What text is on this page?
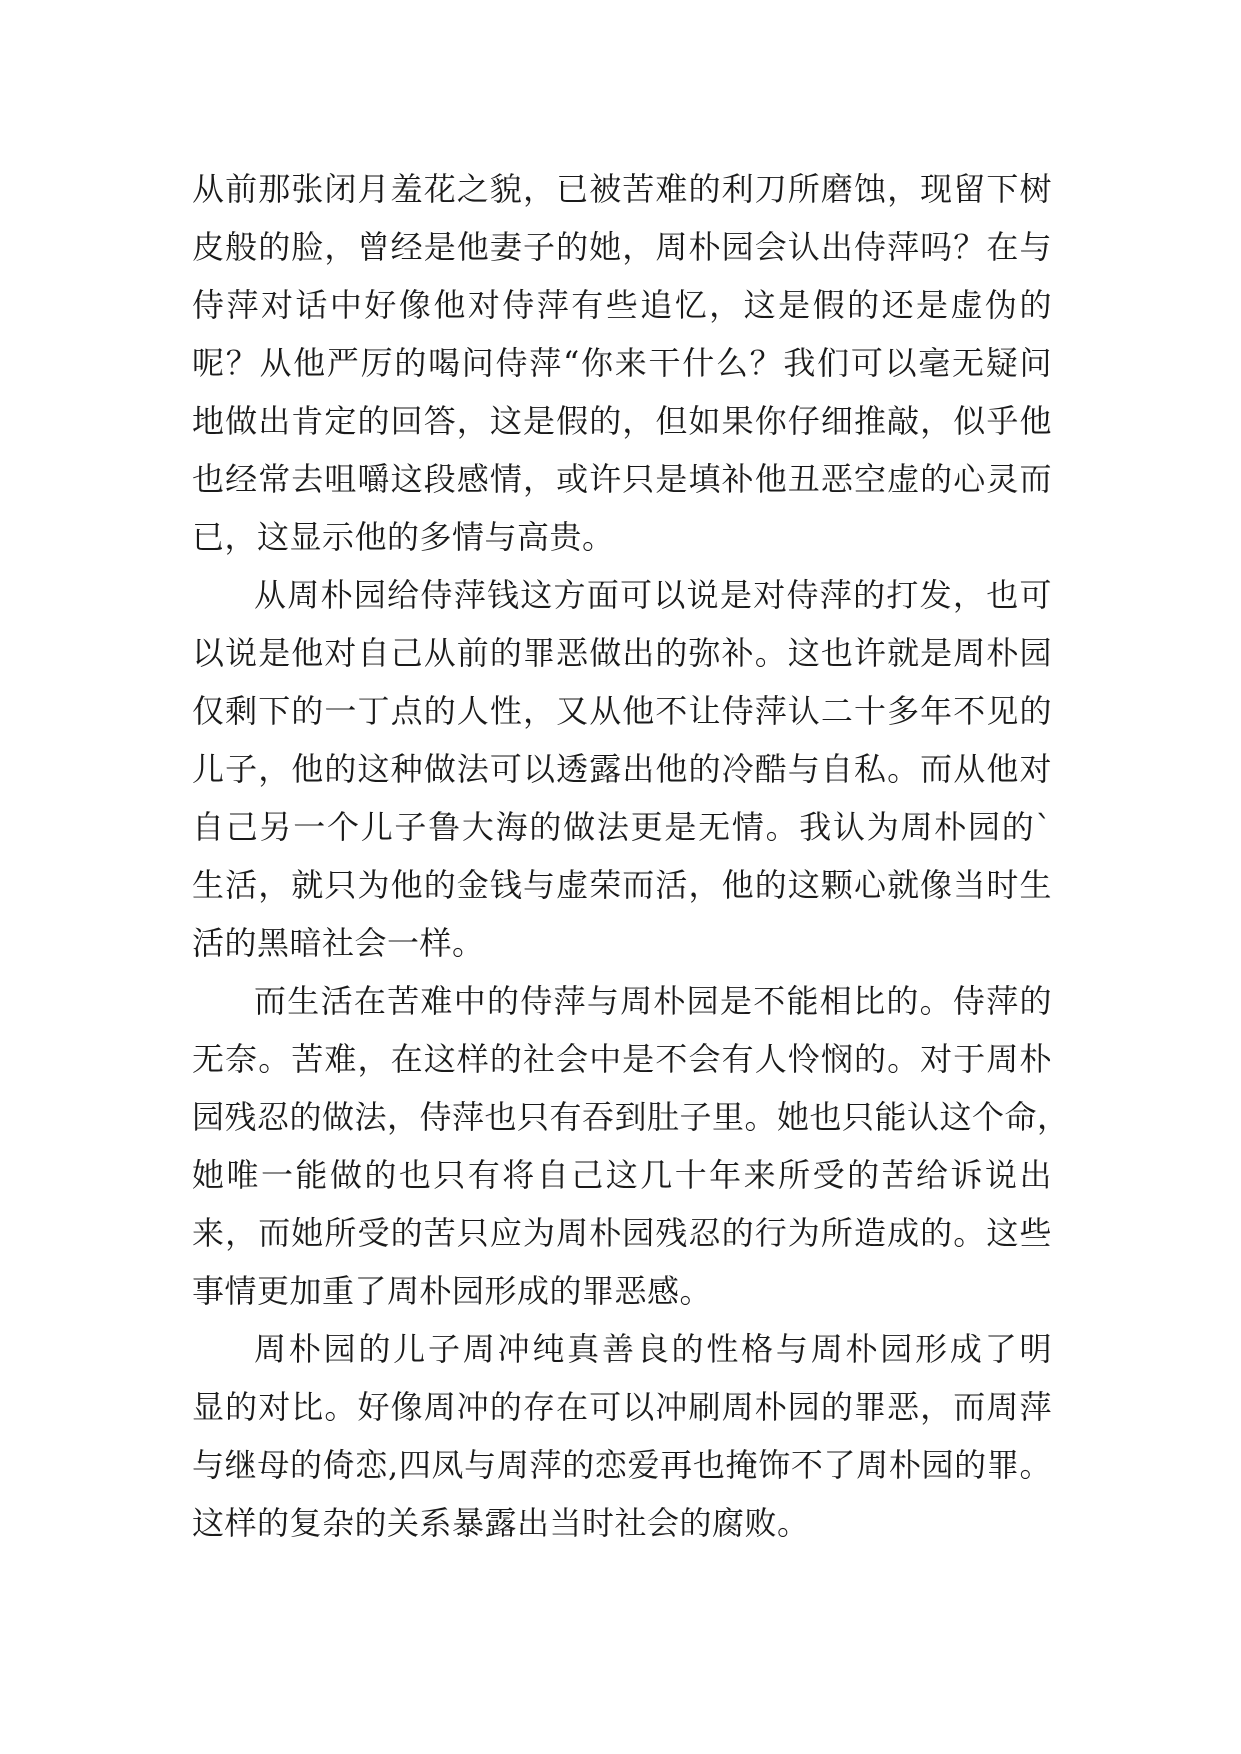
从前那张闭月羞花之貌，已被苦难的利刀所磨蚀，现留下树
皮般的脸，曾经是他妻子的她，周朴园会认出侍萍吗？在与
侍萍对话中好像他对侍萍有些追忆，这是假的还是虚伪的
呢？从他严厉的喝问侍萍“你来干什么？我们可以毫无疑问
地做出肯定的回答，这是假的，但如果你仔细推敲，似乎他
也经常去咀嚼这段感情，或许只是填补他丑恶空虚的心灵而
已，这显示他的多情与高贵。
从周朴园给侍萍钱这方面可以说是对侍萍的打发，也可
以说是他对自己从前的罪恶做出的弥补。这也许就是周朴园
仅剩下的一丁点的人性，又从他不让侍萍认二十多年不见的
儿子，他的这种做法可以透露出他的冷酷与自私。而从他对
自己另一个儿子鲁大海的做法更是无情。我认为周朴园的`
生活，就只为他的金钱与虚荣而活，他的这颗心就像当时生
活的黑暗社会一样。
而生活在苦难中的侍萍与周朴园是不能相比的。侍萍的
无奈。苦难，在这样的社会中是不会有人怜悯的。对于周朴
园残忍的做法，侍萍也只有吞到肚子里。她也只能认这个命，
她唯一能做的也只有将自己这几十年来所受的苦给诉说出
来，而她所受的苦只应为周朴园残忍的行为所造成的。这些
事情更加重了周朴园形成的罪恶感。
周朴园的儿子周冲纯真善良的性格与周朴园形成了明
显的对比。好像周冲的存在可以冲刷周朴园的罪恶，而周萍
与继母的倚恋,四凤与周萍的恋爱再也掩饰不了周朴园的罪。
这样的复杂的关系暴露出当时社会的腐败。
